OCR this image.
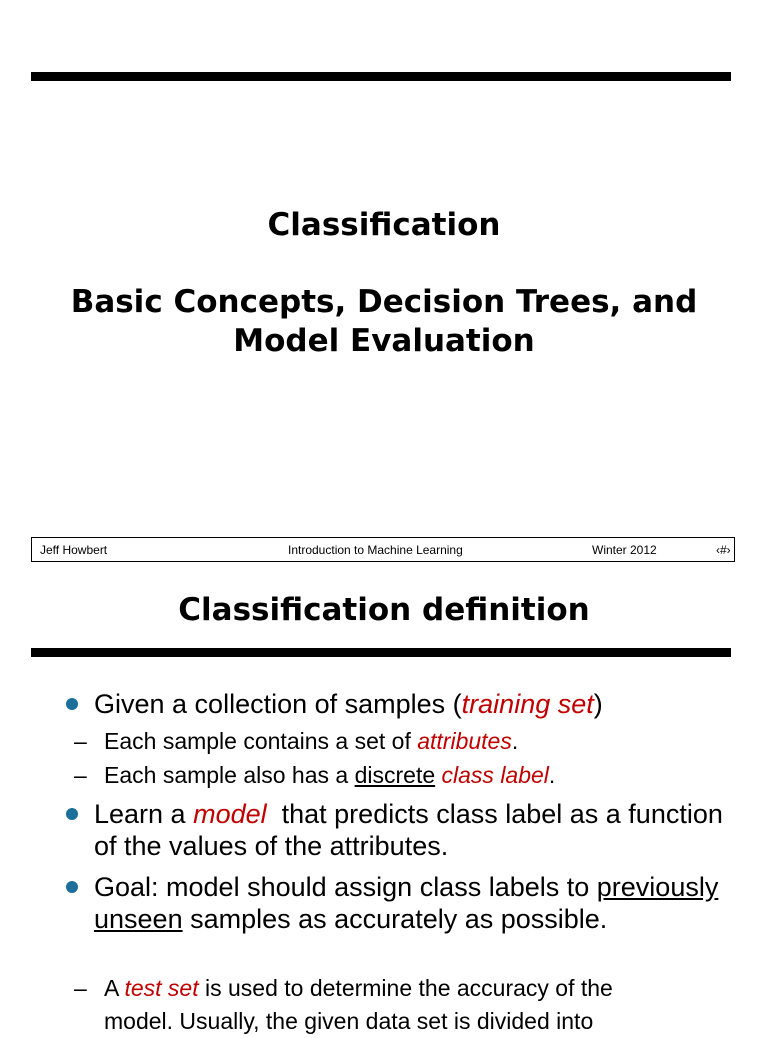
Classification
Basic Concepts, Decision Trees, and
Model Evaluation
Jeff Howbert	Introduction to Machine Learning	Winter 2012	‹#›
Classification definition
Given a collection of samples (training set)
– Each sample contains a set of attributes.
– Each sample also has a discrete class label.
Learn a model  that predicts class label as a function of the values of the attributes.
Goal: model should assign class labels to previously unseen samples as accurately as possible.
– A test set is used to determine the accuracy of the
model. Usually, the given data set is divided into
